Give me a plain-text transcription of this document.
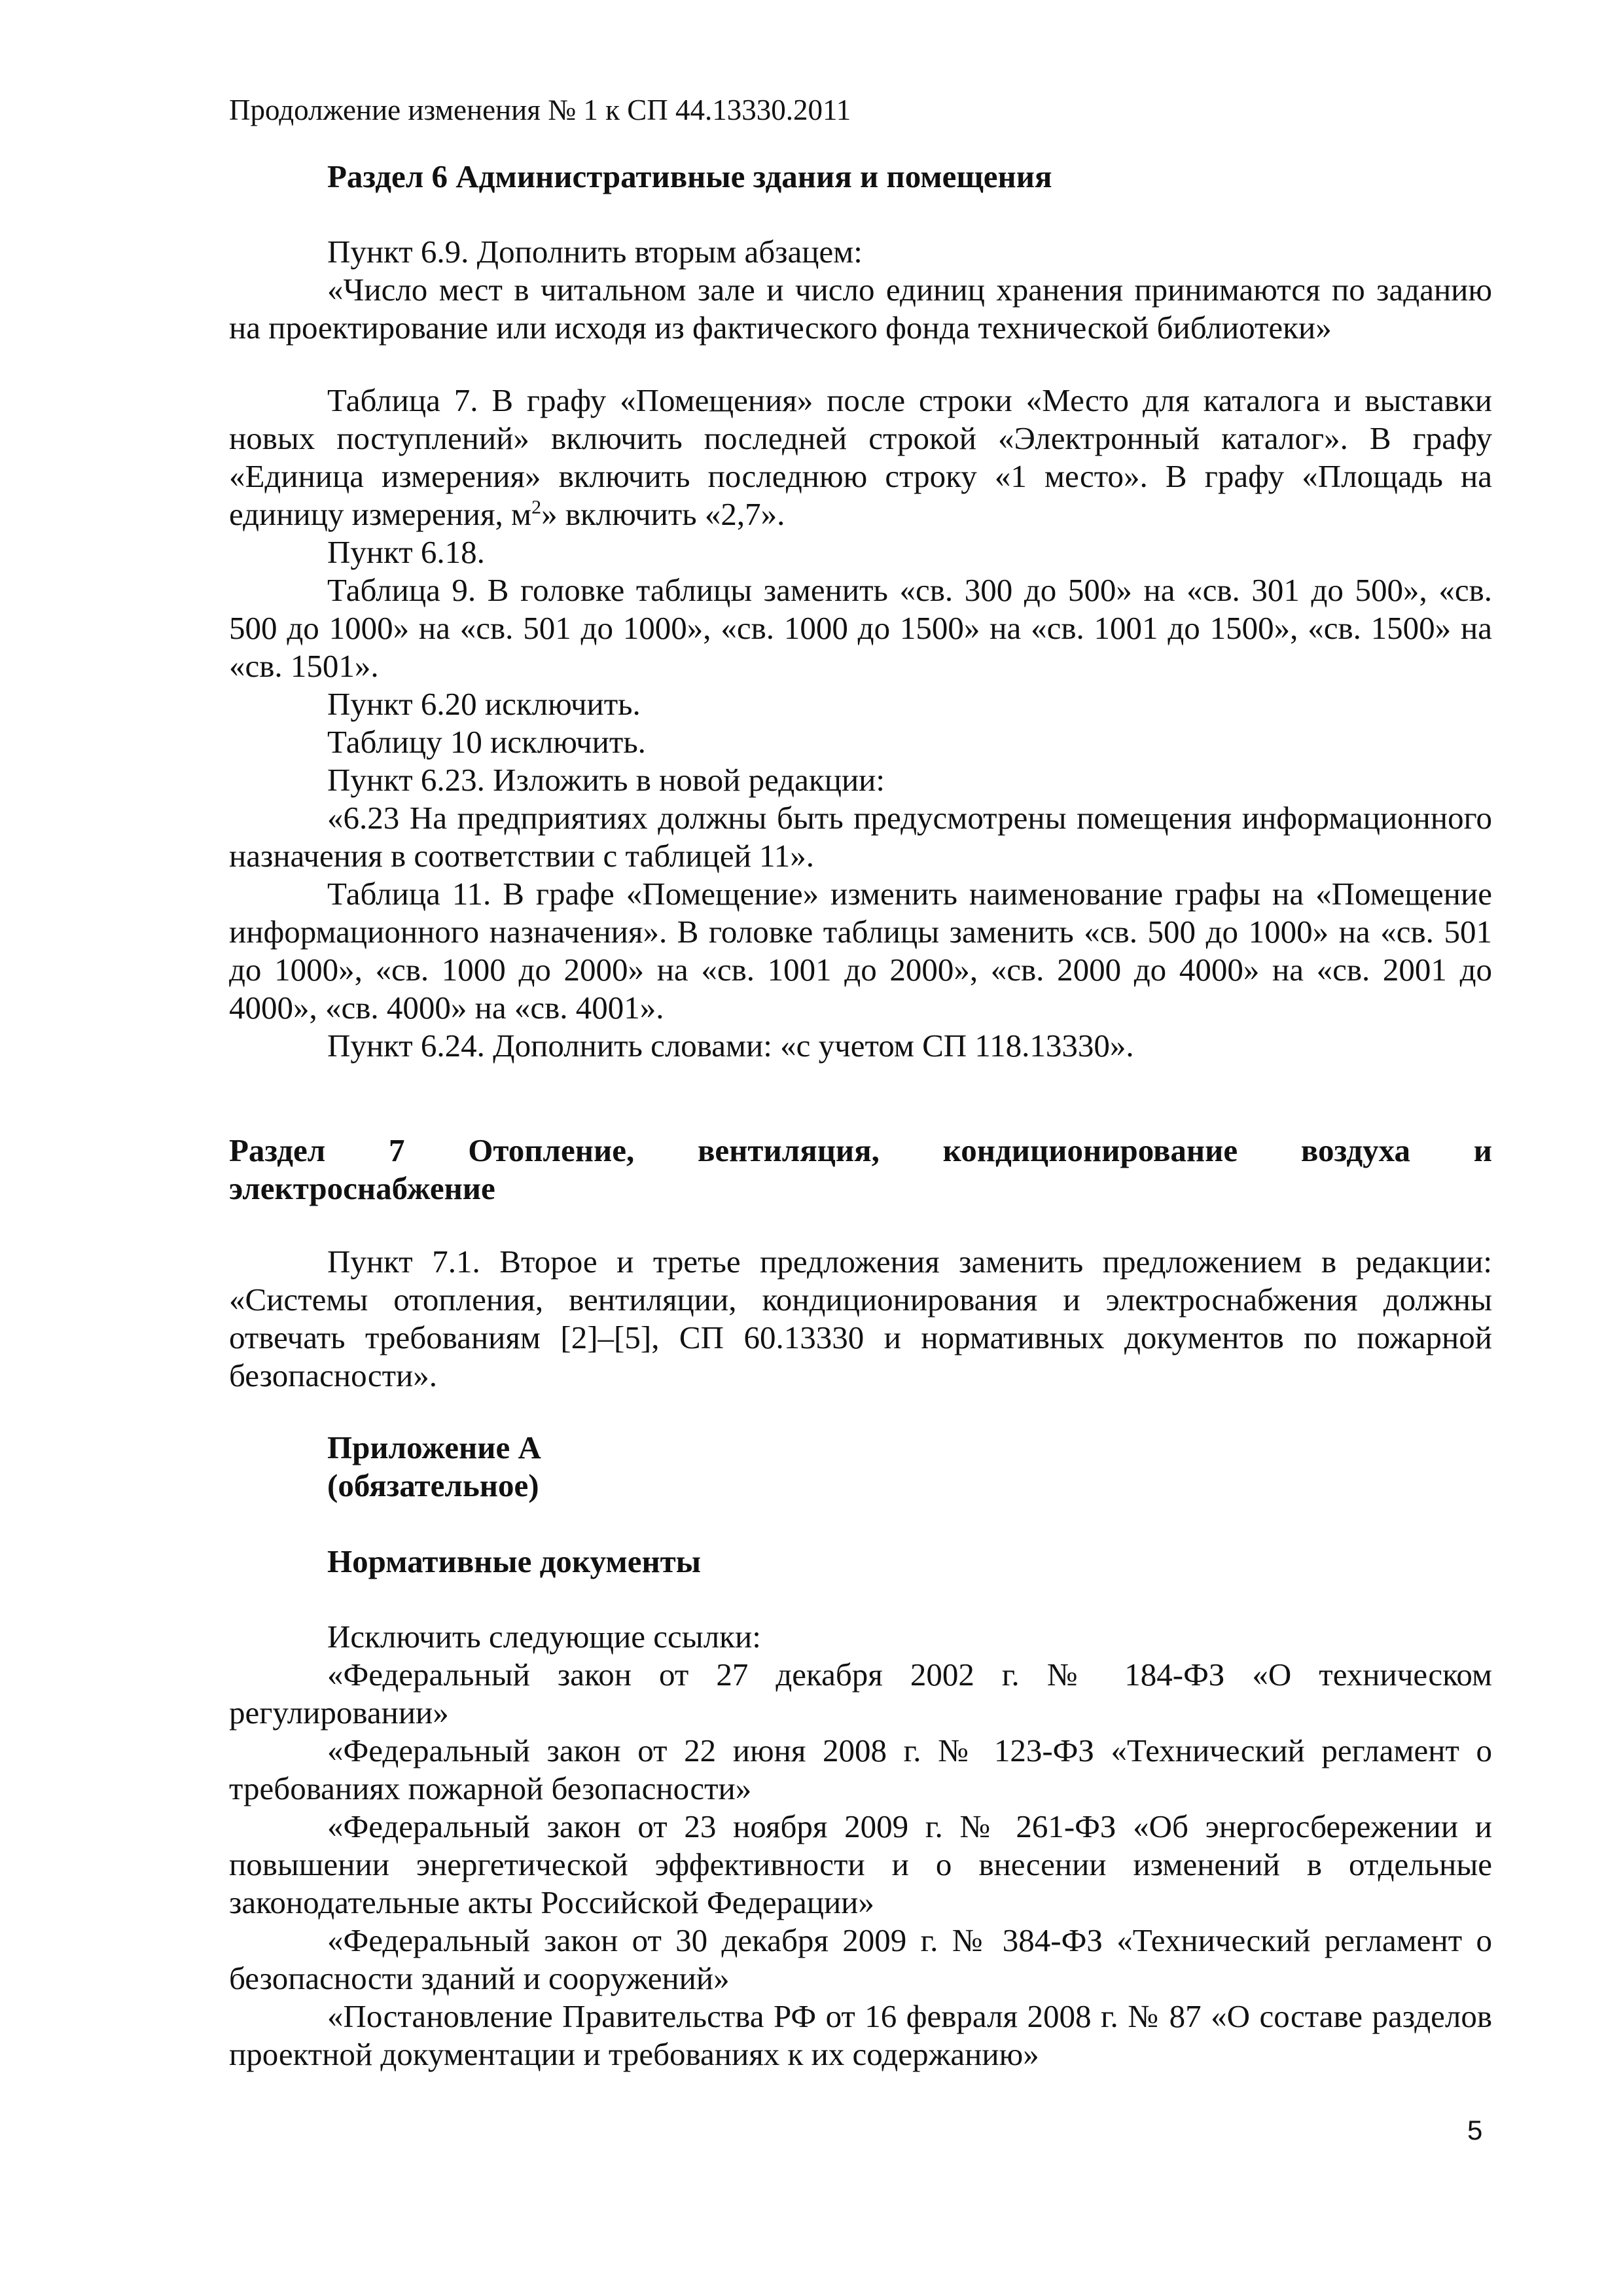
Продолжение изменения № 1 к СП 44.13330.2011
Раздел 6 Административные здания и помещения

Пункт 6.9. Дополнить вторым абзацем:

«Число мест в читальном зале и число единиц хранения принимаются по заданию на проектирование или исходя из фактического фонда технической библиотеки»

Таблица 7. В графу «Помещения» после строки «Место для каталога и выставки новых поступлений» включить последней строкой «Электронный каталог». В графу «Единица измерения» включить последнюю строку «1 место». В графу «Площадь на единицу измерения, $м^2$» включить «2,7».

Пункт 6.18.

Таблица 9. В головке таблицы заменить «св. 300 до 500» на «св. 301 до 500», «св. 500 до 1000» на «св. 501 до 1000», «св. 1000 до 1500» на «св. 1001 до 1500», «св. 1500» на «св. 1501».

Пункт 6.20 исключить.

Таблицу 10 исключить.

Пункт 6.23. Изложить в новой редакции:

«6.23 На предприятиях должны быть предусмотрены помещения информационного назначения в соответствии с таблицей 11».

Таблица 11. В графе «Помещение» изменить наименование графы на «Помещение информационного назначения». В головке таблицы заменить «св. 500 до 1000» на «св. 501 до 1000», «св. 1000 до 2000» на «св. 1001 до 2000», «св. 2000 до 4000» на «св. 2001 до 4000», «св. 4000» на «св. 4001».

Пункт 6.24. Дополнить словами: «с учетом СП 118.13330».

Раздел 7 Отопление, вентиляция, кондиционирование воздуха и
электроснабжение

Пункт 7.1. Второе и третье предложения заменить предложением в редакции: «Системы отопления, вентиляции, кондиционирования и электроснабжения должны отвечать требованиям [2]–[5], СП 60.13330 и нормативных документов по пожарной безопасности».

Приложение А
(обязательное)
Нормативные документы

Исключить следующие ссылки:

«Федеральный закон от 27 декабря 2002 г. № 184-ФЗ «О техническом регулировании»

«Федеральный закон от 22 июня 2008 г. № 123-ФЗ «Технический регламент о требованиях пожарной безопасности»

«Федеральный закон от 23 ноября 2009 г. № 261-ФЗ «Об энергосбережении и повышении энергетической эффективности и о внесении изменений в отдельные законодательные акты Российской Федерации»

«Федеральный закон от 30 декабря 2009 г. № 384-ФЗ «Технический регламент о безопасности зданий и сооружений»

«Постановление Правительства РФ от 16 февраля 2008 г. № 87 «О составе разделов проектной документации и требованиях к их содержанию»

5
